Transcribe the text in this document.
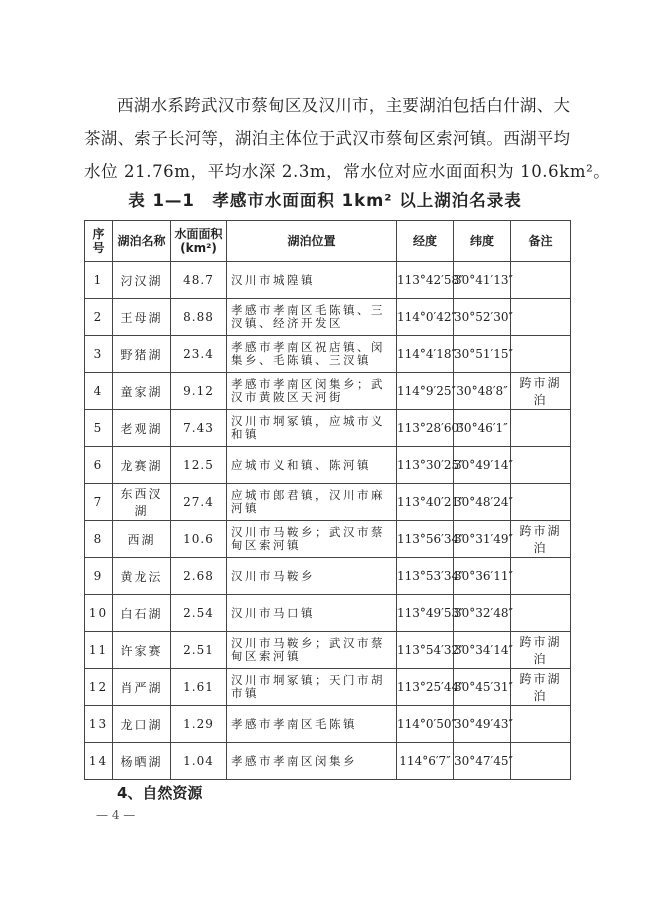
西湖水系跨武汉市蔡甸区及汉川市，主要湖泊包括白什湖、大
茶湖、索子长河等，湖泊主体位于武汉市蔡甸区索河镇。西湖平均
水位 21.76m，平均水深 2.3m，常水位对应水面面积为 10.6km²。
表 1—1　孝感市水面面积 1km² 以上湖泊名录表
序号	湖泊名称	水面面积(km²)	湖泊位置	经度	纬度	备注
1	汈汉湖	48.7	汉川市城隍镇	113°42′58″	30°41′13″	
2	王母湖	8.88	孝感市孝南区毛陈镇、三汊镇、经济开发区	114°0′42″	30°52′30″	
3	野猪湖	23.4	孝感市孝南区祝店镇、闵集乡、毛陈镇、三汊镇	114°4′18″	30°51′15″	
4	童家湖	9.12	孝感市孝南区闵集乡；武汉市黄陂区天河街	114°9′25″	30°48′8″	跨市湖泊
5	老观湖	7.43	汉川市垌冢镇，应城市义和镇	113°28′60″	30°46′1″	
6	龙赛湖	12.5	应城市义和镇、陈河镇	113°30′25″	30°49′14″	
7	东西汊湖	27.4	应城市郎君镇，汉川市麻河镇	113°40′21″	30°48′24″	
8	西湖	10.6	汉川市马鞍乡；武汉市蔡甸区索河镇	113°56′34″	30°31′49″	跨市湖泊
9	黄龙沄	2.68	汉川市马鞍乡	113°53′34″	30°36′11″	
10	白石湖	2.54	汉川市马口镇	113°49′53″	30°32′48″	
11	许家赛	2.51	汉川市马鞍乡；武汉市蔡甸区索河镇	113°54′32″	30°34′14″	跨市湖泊
12	肖严湖	1.61	汉川市垌冢镇；天门市胡市镇	113°25′44″	30°45′31″	跨市湖泊
13	龙口湖	1.29	孝感市孝南区毛陈镇	114°0′50″	30°49′43″	
14	杨晒湖	1.04	孝感市孝南区闵集乡	114°6′7″	30°47′45″	
4、自然资源
— 4 —
